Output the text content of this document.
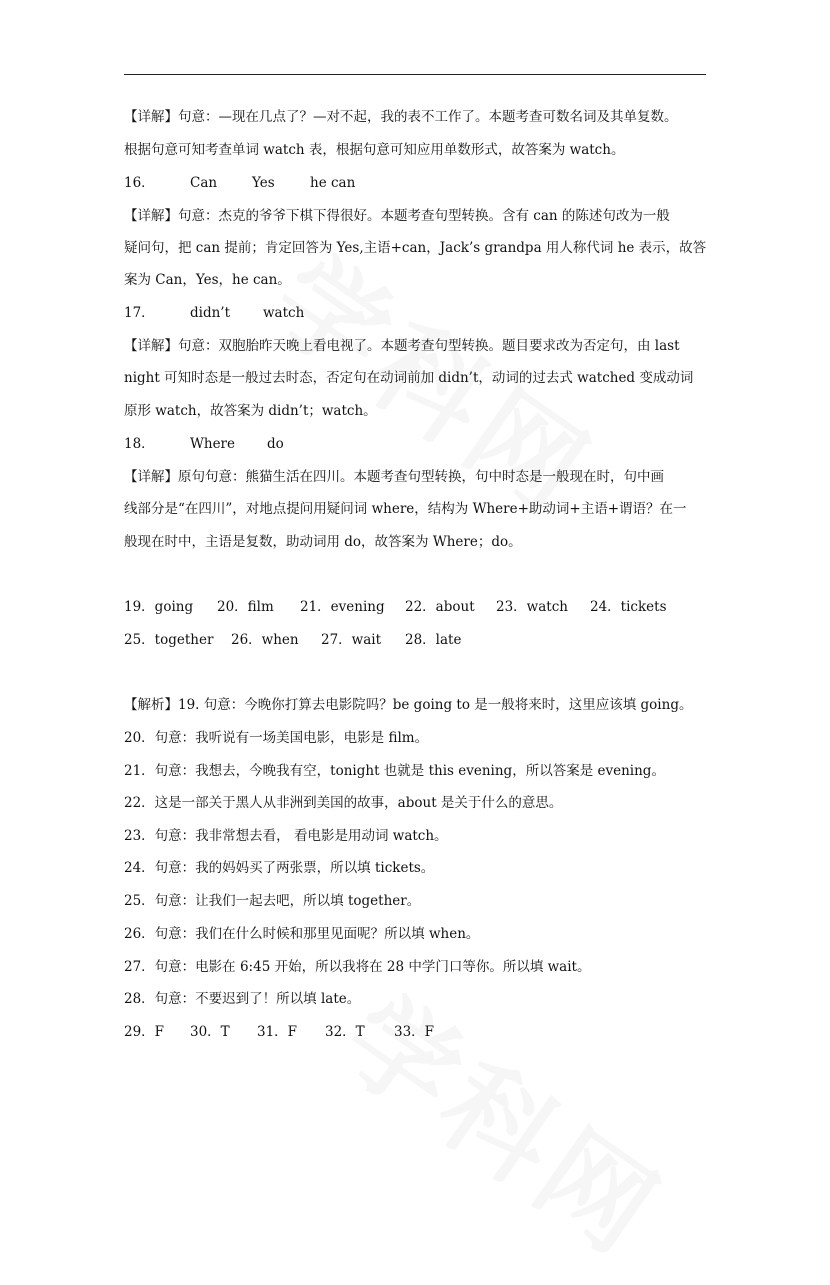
【详解】句意：—现在几点了？—对不起，我的表不工作了。本题考查可数名词及其单复数。
根据句意可知考查单词 watch 表，根据句意可知应用单数形式，故答案为 watch。
16．	Can	Yes	he can
【详解】句意：杰克的爷爷下棋下得很好。本题考查句型转换。含有 can 的陈述句改为一般
疑问句，把 can 提前；肯定回答为 Yes,主语+can，Jack’s grandpa 用人称代词 he 表示，故答
案为 Can，Yes，he can。
17．	didn’t watch
【详解】句意：双胞胎昨天晚上看电视了。本题考查句型转换。题目要求改为否定句，由 last
night 可知时态是一般过去时态，否定句在动词前加 didn’t，动词的过去式 watched 变成动词
原形 watch，故答案为 didn’t；watch。
18．	Where do
【详解】原句句意：熊猫生活在四川。本题考查句型转换，句中时态是一般现在时，句中画
线部分是“在四川”，对地点提问用疑问词 where，结构为 Where+助动词+主语+谓语？在一
般现在时中，主语是复数，助动词用 do，故答案为 Where；do。
19．going 20．film 21．evening 22．about 23．watch 24．tickets
25．together 26．when 27．wait 28．late
【解析】19. 句意：今晚你打算去电影院吗？be going to 是一般将来时，这里应该填 going。
20．句意：我听说有一场美国电影，电影是 film。
21．句意：我想去，今晚我有空，tonight 也就是 this evening，所以答案是 evening。
22．这是一部关于黑人从非洲到美国的故事，about 是关于什么的意思。
23．句意：我非常想去看， 看电影是用动词 watch。
24．句意：我的妈妈买了两张票，所以填 tickets。
25．句意：让我们一起去吧，所以填 together。
26．句意：我们在什么时候和那里见面呢？所以填 when。
27．句意：电影在 6:45 开始，所以我将在 28 中学门口等你。所以填 wait。
28．句意：不要迟到了！所以填 late。
29．F 30．T 31．F 32．T 33．F
